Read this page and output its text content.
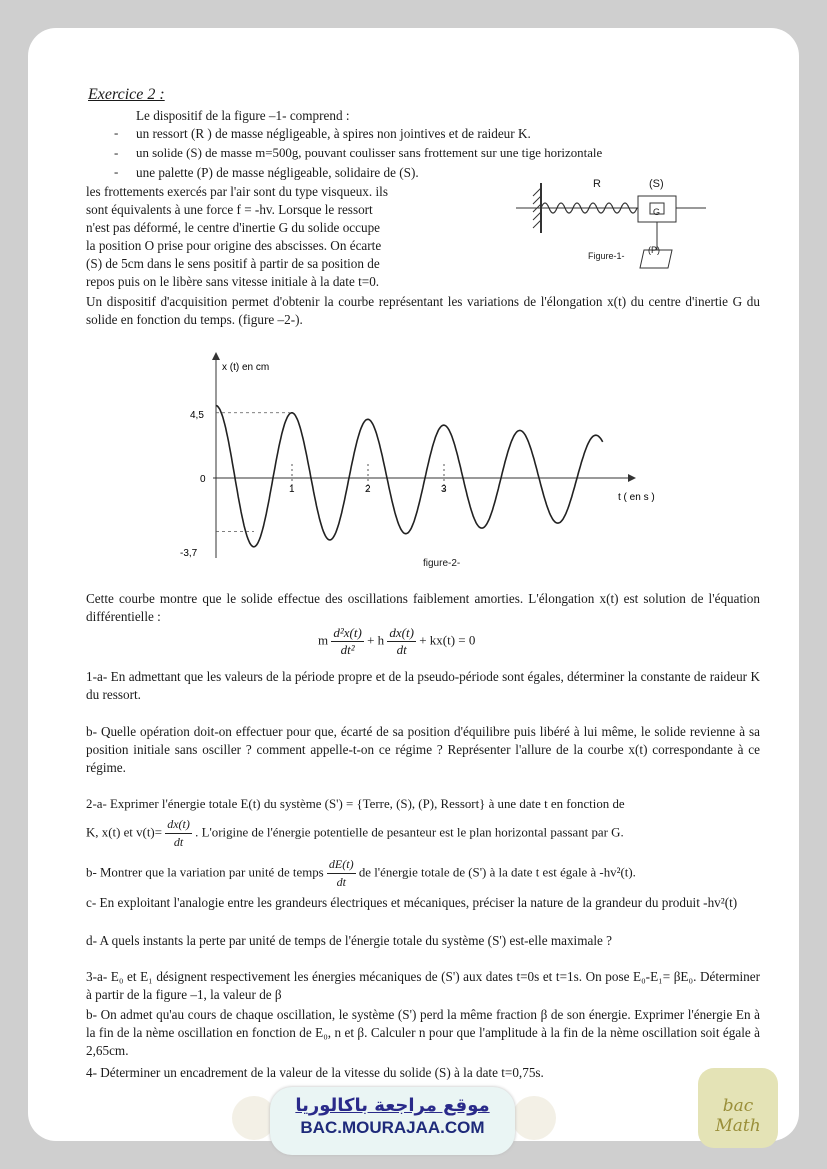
Exercice 2 :
Le dispositif de la figure –1- comprend :
- un ressort (R ) de masse négligeable, à spires non jointives et de raideur K.
- un solide (S) de masse m=500g, pouvant coulisser sans frottement sur une tige horizontale
- une palette (P) de masse négligeable, solidaire de (S).
les frottements exercés par l'air sont du type visqueux. ils
sont équivalents à une force f = -hv. Lorsque le ressort
n'est pas déformé, le centre d'inertie G du solide occupe
la position O prise pour origine des abscisses. On écarte
(S) de 5cm dans le sens positif à partir de sa position de
repos puis on le libère sans vitesse initiale à la date t=0.
R	(S)
G
(P)
Figure-1-
Un dispositif d'acquisition permet d'obtenir la courbe représentant les variations de l'élongation x(t) du centre d'inertie G du solide en fonction du temps. (figure –2-).
x (t) en cm
t ( en s )
4,5
0
-3,7
1	2	3
figure-2-
Cette courbe montre que le solide effectue des oscillations faiblement amorties. L'élongation x(t) est solution de l'équation différentielle :
m $\frac{\text{d²x(t)}}{\text{dt²}} + h \frac{dx(t)}{dt} + kx(t) = 0$
1-a- En admettant que les valeurs de la période propre et de la pseudo-période sont égales, déterminer la constante de raideur K du ressort.
b- Quelle opération doit-on effectuer pour que, écarté de sa position d'équilibre puis libéré à lui même, le solide revienne à sa position initiale sans osciller ? comment appelle-t-on ce régime ? Représenter l'allure de la courbe x(t) correspondante à ce régime.
2-a- Exprimer l'énergie totale E(t) du système (S') = {Terre, (S), (P), Ressort} à une date t en fonction de
K, x(t) et $v(t)= \frac{dx(t)}{dt}$ . L'origine de l'énergie potentielle de pesanteur est le plan horizontal passant par G.
b- Montrer que la variation par unité de temps $\frac{dE(t)}{dt}$ de l'énergie totale de (S') à la date t est égale à -hv²(t).
c- En exploitant l'analogie entre les grandeurs électriques et mécaniques, préciser la nature de la grandeur du produit -hv²(t)
d- A quels instants la perte par unité de temps de l'énergie totale du système (S') est-elle maximale ?
3-a- E₀ et E₁ désignent respectivement les énergies mécaniques de (S') aux dates t=0s et t=1s. On pose E₀-E₁= βE₀. Déterminer à partir de la figure –1, la valeur de β
b- On admet qu'au cours de chaque oscillation, le système (S') perd la même fraction β de son énergie. Exprimer l'énergie En à la fin de la nème oscillation en fonction de E₀, n et β. Calculer n pour que l'amplitude à la fin de la nème oscillation soit égale à 2,65cm.
4- Déterminer un encadrement de la valeur de la vitesse du solide (S) à la date t=0,75s.
موقع مراجعة باكالوريا
BAC.MOURAJAA.COM
bac Math
